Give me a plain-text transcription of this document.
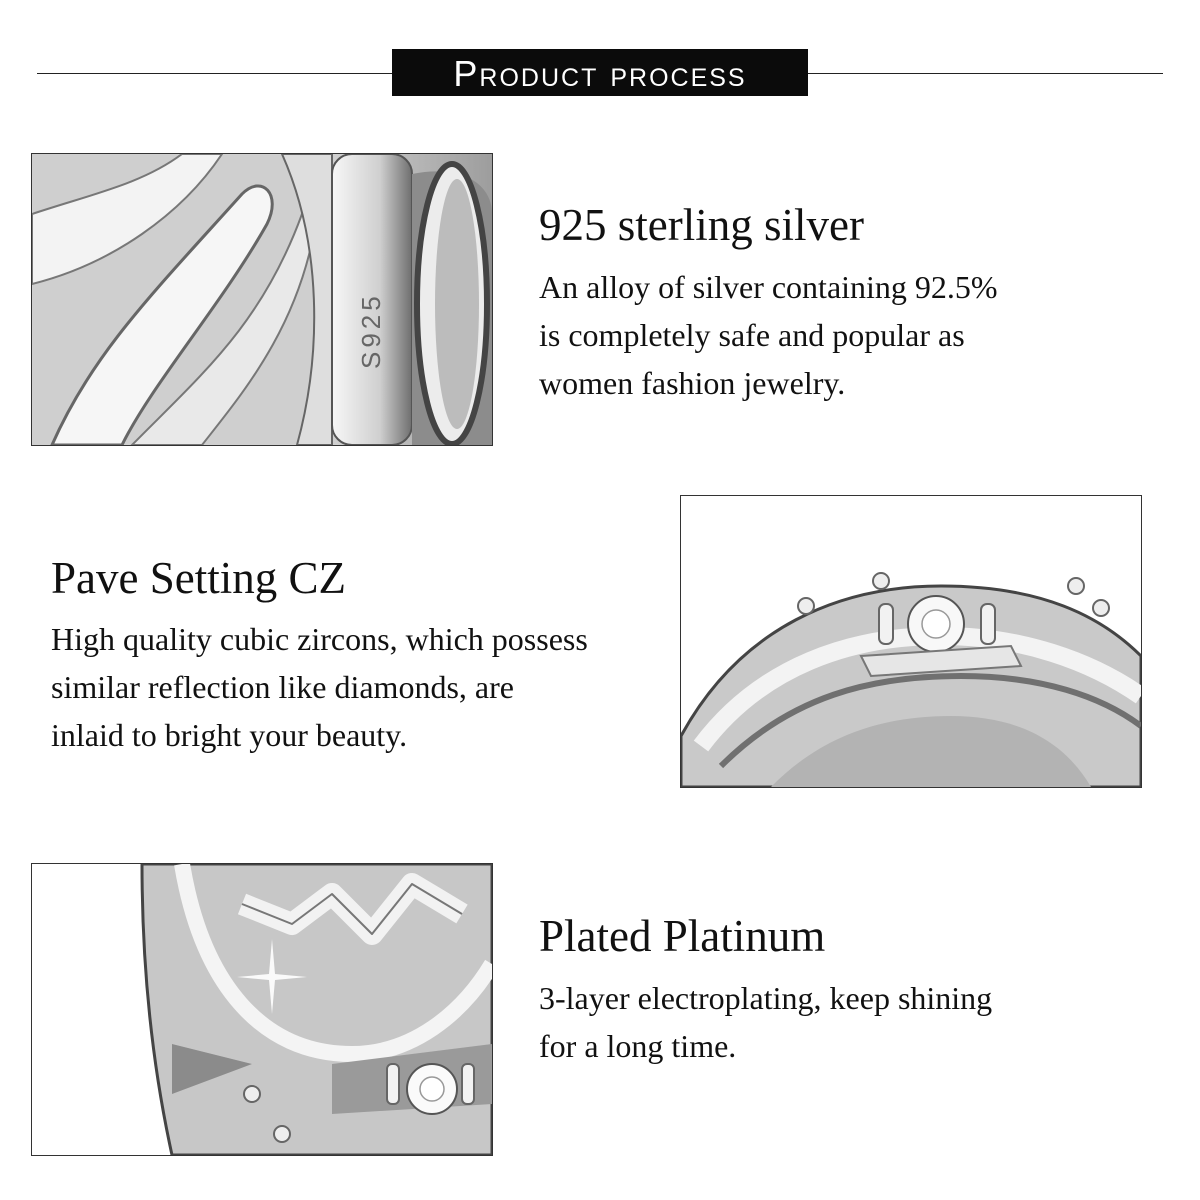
Product process
S925
925 sterling silver
An alloy of silver containing 92.5%
is completely safe and popular as
women fashion jewelry.
Pave Setting CZ
High quality cubic zircons, which possess
similar reflection like diamonds, are
inlaid to bright your beauty.
Plated Platinum
3-layer electroplating, keep shining
for a long time.
